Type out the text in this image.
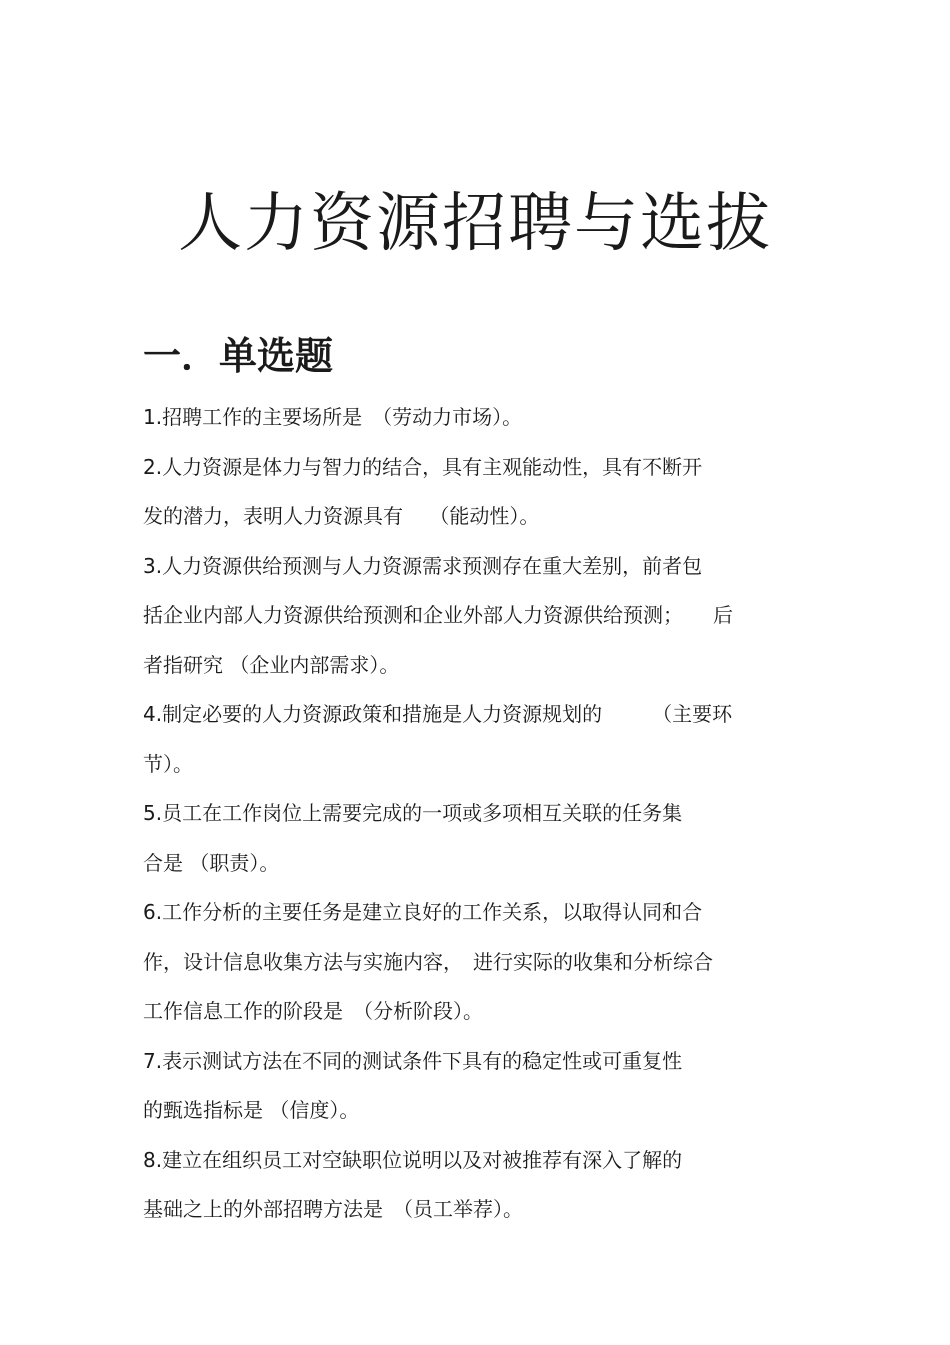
人力资源招聘与选拔
一．单选题
1.招聘工作的主要场所是　（劳动力市场）。
2.人力资源是体力与智力的结合，具有主观能动性，具有不断开
发的潜力，表明人力资源具有　 （能动性）。
3.人力资源供给预测与人力资源需求预测存在重大差别，前者包
括企业内部人力资源供给预测和企业外部人力资源供给预测；　　后
者指研究 （企业内部需求）。
4.制定必要的人力资源政策和措施是人力资源规划的　　　（主要环
节）。
5.员工在工作岗位上需要完成的一项或多项相互关联的任务集
合是 （职责）。
6.工作分析的主要任务是建立良好的工作关系，以取得认同和合
作，设计信息收集方法与实施内容，　进行实际的收集和分析综合
工作信息工作的阶段是　（分析阶段）。
7.表示测试方法在不同的测试条件下具有的稳定性或可重复性
的甄选指标是 （信度）。
8.建立在组织员工对空缺职位说明以及对被推荐有深入了解的
基础之上的外部招聘方法是　（员工举荐）。
